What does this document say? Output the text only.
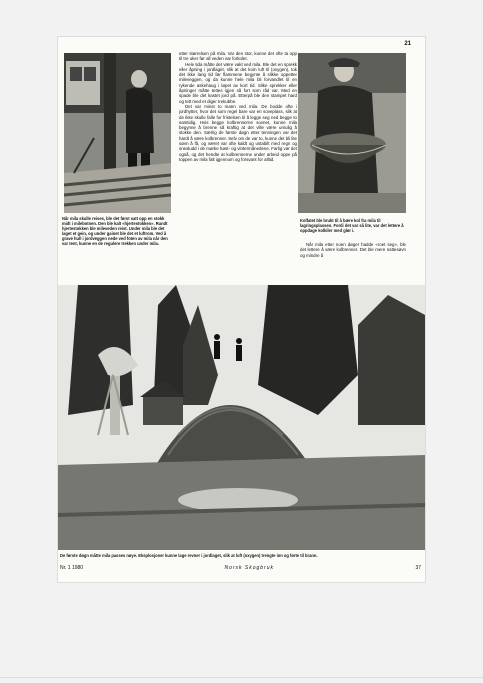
21

Når mila skulle reises, ble det først satt opp en stokk midt i milebotnen. Den ble kalt «hjertestokken». Rundt hjertestokken ble mileveden reist. Under mila ble det laget et gein, og under gainet ble det et luftrom. Ved å grave hull i jordveggen nede ved foten av mila når den var tent, kunne en de regulere trekken under mila.

etter størrelsen på mila. Var den stor, kunne det ofte ta opp til tre uker før all veden var forkolet.

Hele tida måtte det være vakt ved mila. Ble det en sprekk eller åpning i jordlaget, slik at det kom luft til (oxygen), tok det ikke lang tid før flammene begynte å slikke oppetter mileveggen, og da kunne hele mila bli forvandlet til en rykende askehaug i løpet av kort tid. Slike sprekker eller åpninger måtte tettes igjen så fort som råd var. Med en spade ble det kastet jord på. Etterpå ble den stampet hard og tett med et diger trekubbe.

Det var minst to mann ved mila. De bodde ofte i jordhytter, hvor det som regel bare var en soveplass, slik at de ikke skulle falle for fristelsen til å legge seg ned begge to samtidig. Hvis begge kolbrennerne sovnet, kunne mila begynne å brenne så kraftig at det ville være umulig å slokke den. Særlig de første døgn etter tenningen var det hardt å være kolbrenner. Selv om de var to, kunne det bli lite søvn å få, og været var ofte kaldt og ustabilt med regn og snesludd i de mørke høst- og vintermånedene. Farlig var det også, og det hendte at kolbrennerne under arbeid oppe på toppen av mila falt igjennom og forsvant for alltid.

Kolfatet ble brukt til å bære kol fra mila til lagringsplassen. Fordi det var så lite, var det lettere å oppdage kolkiler med glør i.

Når mila etter noen døger hadde «roet seg», ble det lettere å være kolbrenner. Det ble mere nattesøvn og mindre å

De første døgn måtte mila passes nøye. Eksplosjoner kunne lage revner i jordlaget, slik at luft (oxygen) trengte inn og førte til brann.
Nr. 1 1980	Norsk Skogbruk	37
